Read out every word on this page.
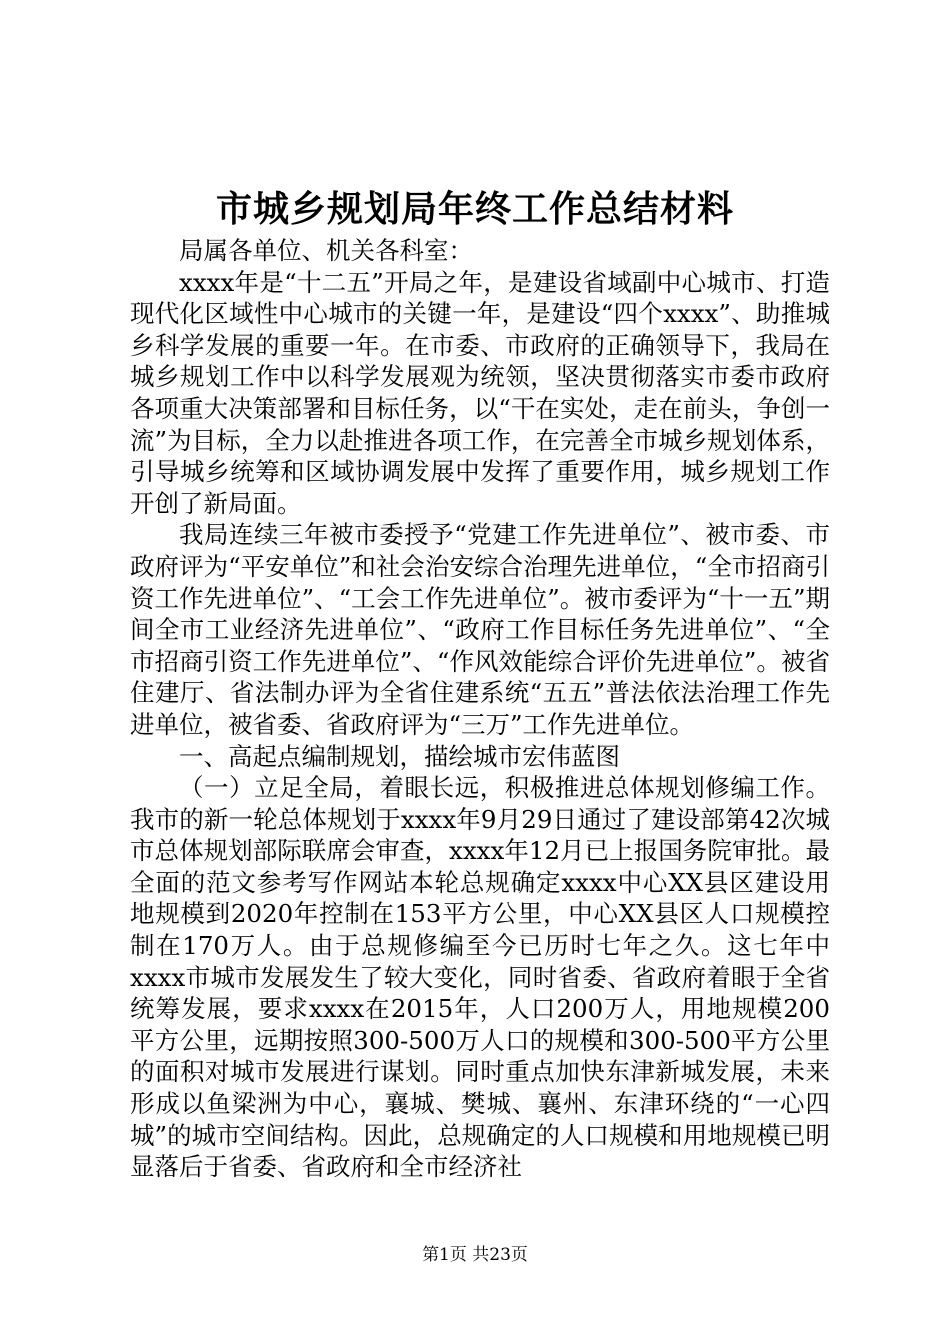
市城乡规划局年终工作总结材料

局属各单位、机关各科室：

xxxx年是“十二五”开局之年，是建设省域副中心城市、打造现代化区域性中心城市的关键一年，是建设“四个xxxx”、助推城乡科学发展的重要一年。在市委、市政府的正确领导下，我局在城乡规划工作中以科学发展观为统领，坚决贯彻落实市委市政府各项重大决策部署和目标任务，以“干在实处，走在前头，争创一流”为目标，全力以赴推进各项工作，在完善全市城乡规划体系，引导城乡统筹和区域协调发展中发挥了重要作用，城乡规划工作开创了新局面。

我局连续三年被市委授予“党建工作先进单位”、被市委、市政府评为“平安单位”和社会治安综合治理先进单位，“全市招商引资工作先进单位”、“工会工作先进单位”。被市委评为“十一五”期间全市工业经济先进单位”、“政府工作目标任务先进单位”、“全市招商引资工作先进单位”、“作风效能综合评价先进单位”。被省住建厅、省法制办评为全省住建系统“五五”普法依法治理工作先进单位，被省委、省政府评为“三万”工作先进单位。

一、高起点编制规划，描绘城市宏伟蓝图

（一）立足全局，着眼长远，积极推进总体规划修编工作。我市的新一轮总体规划于xxxx年9月29日通过了建设部第42次城市总体规划部际联席会审查，xxxx年12月已上报国务院审批。最全面的范文参考写作网站本轮总规确定xxxx中心XX县区建设用地规模到2020年控制在153平方公里，中心XX县区人口规模控制在170万人。由于总规修编至今已历时七年之久。这七年中xxxx市城市发展发生了较大变化，同时省委、省政府着眼于全省统筹发展，要求xxxx在2015年，人口200万人，用地规模200平方公里，远期按照300-500万人口的规模和300-500平方公里的面积对城市发展进行谋划。同时重点加快东津新城发展，未来形成以鱼梁洲为中心，襄城、樊城、襄州、东津环绕的“一心四城”的城市空间结构。因此，总规确定的人口规模和用地规模已明显落后于省委、省政府和全市经济社

第1页 共23页
